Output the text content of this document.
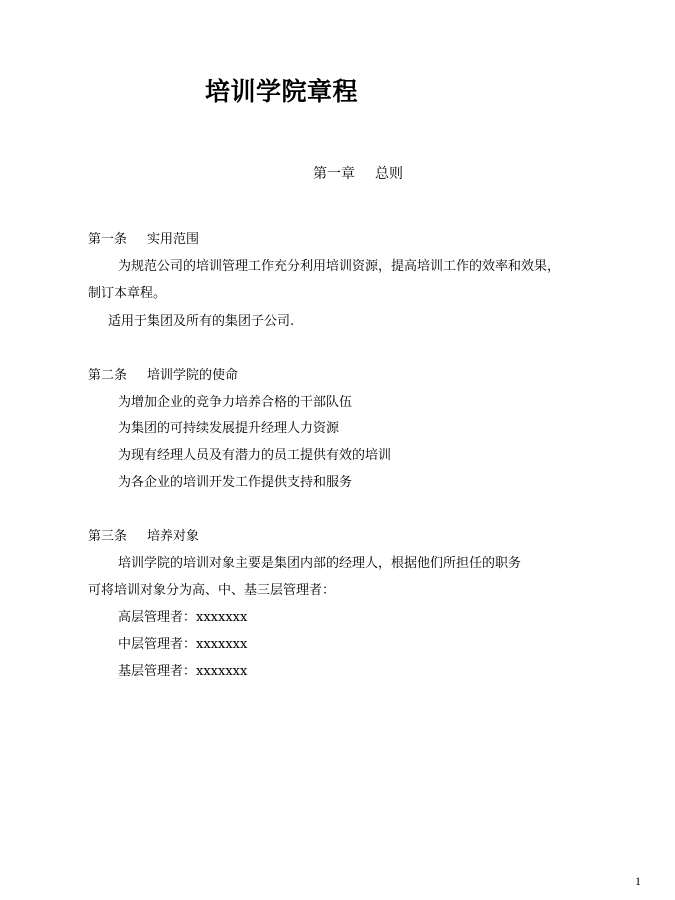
培训学院章程
第一章 总则
第一条 实用范围
为规范公司的培训管理工作充分利用培训资源，提高培训工作的效率和效果，
制订本章程。
适用于集团及所有的集团子公司.
第二条 培训学院的使命
为增加企业的竞争力培养合格的干部队伍
为集团的可持续发展提升经理人力资源
为现有经理人员及有潜力的员工提供有效的培训
为各企业的培训开发工作提供支持和服务
第三条 培养对象
培训学院的培训对象主要是集团内部的经理人，根据他们所担任的职务
可将培训对象分为高、中、基三层管理者：
高层管理者：xxxxxxx
中层管理者：xxxxxxx
基层管理者：xxxxxxx
1
